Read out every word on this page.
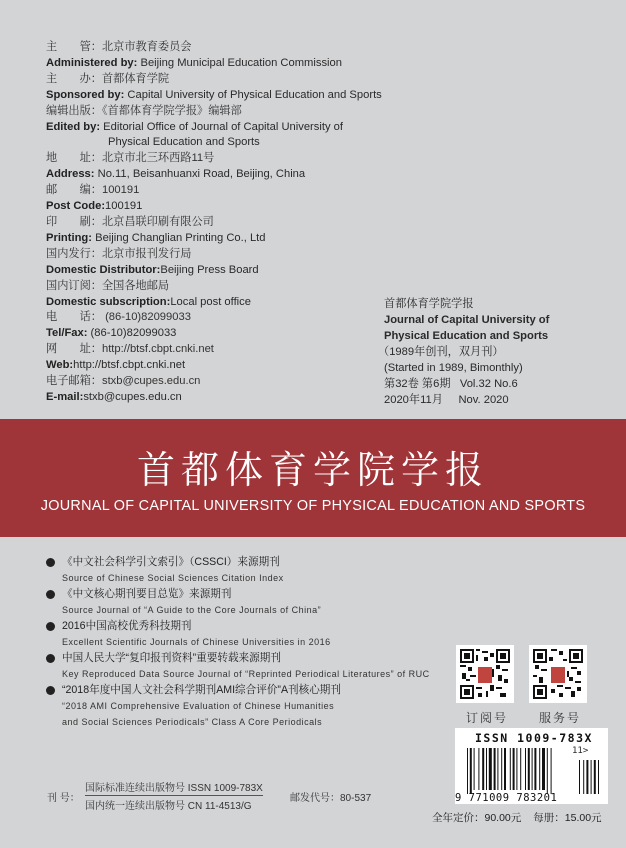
主　　管：北京市教育委员会
Administered by: Beijing Municipal Education Commission
主　　办：首都体育学院
Sponsored by: Capital University of Physical Education and Sports
编辑出版：《首都体育学院学报》编辑部
Edited by: Editorial Office of Journal of Capital University of
Physical Education and Sports
地　　址：北京市北三环西路11号
Address: No.11, Beisanhuanxi Road, Beijing, China
邮　　编：100191
Post Code:100191
印　　刷：北京昌联印刷有限公司
Printing: Beijing Changlian Printing Co., Ltd
国内发行：北京市报刊发行局
Domestic Distributor:Beijing Press Board
国内订阅：全国各地邮局
Domestic subscription:Local post office
电　　话： (86-10)82099033
Tel/Fax: (86-10)82099033
网　　址：http://btsf.cbpt.cnki.net
Web:http://btsf.cbpt.cnki.net
电子邮箱：stxb@cupes.edu.cn
E-mail:stxb@cupes.edu.cn
首都体育学院学报
Journal of Capital University of
Physical Education and Sports
（1989年创刊，双月刊）
(Started in 1989, Bimonthly)
第32卷 第6期 Vol.32 No.6
2020年11月 Nov. 2020
首都体育学院学报
JOURNAL OF CAPITAL UNIVERSITY OF PHYSICAL EDUCATION AND SPORTS
《中文社会科学引文索引》（CSSCI）来源期刊
Source of Chinese Social Sciences Citation Index
《中文核心期刊要目总览》来源期刊
Source Journal of “A Guide to the Core Journals of China”
2016中国高校优秀科技期刊
Excellent Scientific Journals of Chinese Universities in 2016
中国人民大学“复印报刊资料”重要转载来源期刊
Key Reproduced Data Source Journal of “Reprinted Periodical Literatures” of RUC
“2018年度中国人文社会科学期刊AMI综合评价”A刊核心期刊
“2018 AMI Comprehensive Evaluation of Chinese Humanities
and Social Sciences Periodicals” Class A Core Periodicals	订阅号	服务号
ISSN 1009-783X
11>
9 771009 783201
全年定价：90.00元 每册：15.00元
刊 号：
国际标准连续出版物号 ISSN 1009-783X
国内统一连续出版物号 CN 11-4513/G
邮发代号：80-537
